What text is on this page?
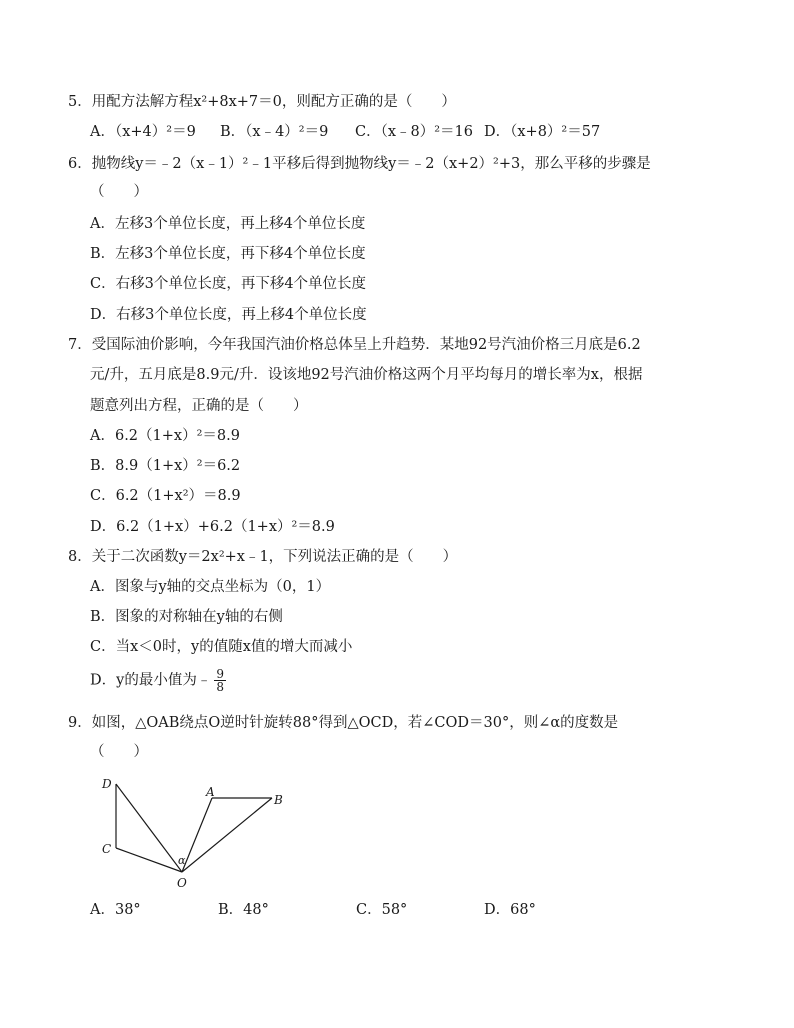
5．用配方法解方程x²+8x+7＝0，则配方正确的是（　　）
A．（x+4）²＝9 B．（x﹣4）²＝9 C．（x﹣8）²＝16 D．（x+8）²＝57
6．抛物线y＝﹣2（x﹣1）²﹣1平移后得到抛物线y＝﹣2（x+2）²+3，那么平移的步骤是
（　　）
A．左移3个单位长度，再上移4个单位长度
B．左移3个单位长度，再下移4个单位长度
C．右移3个单位长度，再下移4个单位长度
D．右移3个单位长度，再上移4个单位长度
7．受国际油价影响，今年我国汽油价格总体呈上升趋势．某地92号汽油价格三月底是6.2
元/升，五月底是8.9元/升．设该地92号汽油价格这两个月平均每月的增长率为x，根据
题意列出方程，正确的是（　　）
A．6.2（1+x）²＝8.9
B．8.9（1+x）²＝6.2
C．6.2（1+x²）＝8.9
D．6.2（1+x）+6.2（1+x）²＝8.9
8．关于二次函数y＝2x²+x﹣1，下列说法正确的是（　　）
A．图象与y轴的交点坐标为（0，1）
B．图象的对称轴在y轴的右侧
C．当x＜0时，y的值随x值的增大而减小
D．y的最小值为﹣ $\frac{9}{8}$
9．如图，△OAB绕点O逆时针旋转88°得到△OCD，若∠COD＝30°，则∠α的度数是
（　　）
D
A
B
C
α
O
A．38°	B．48°	C．58°	D．68°
